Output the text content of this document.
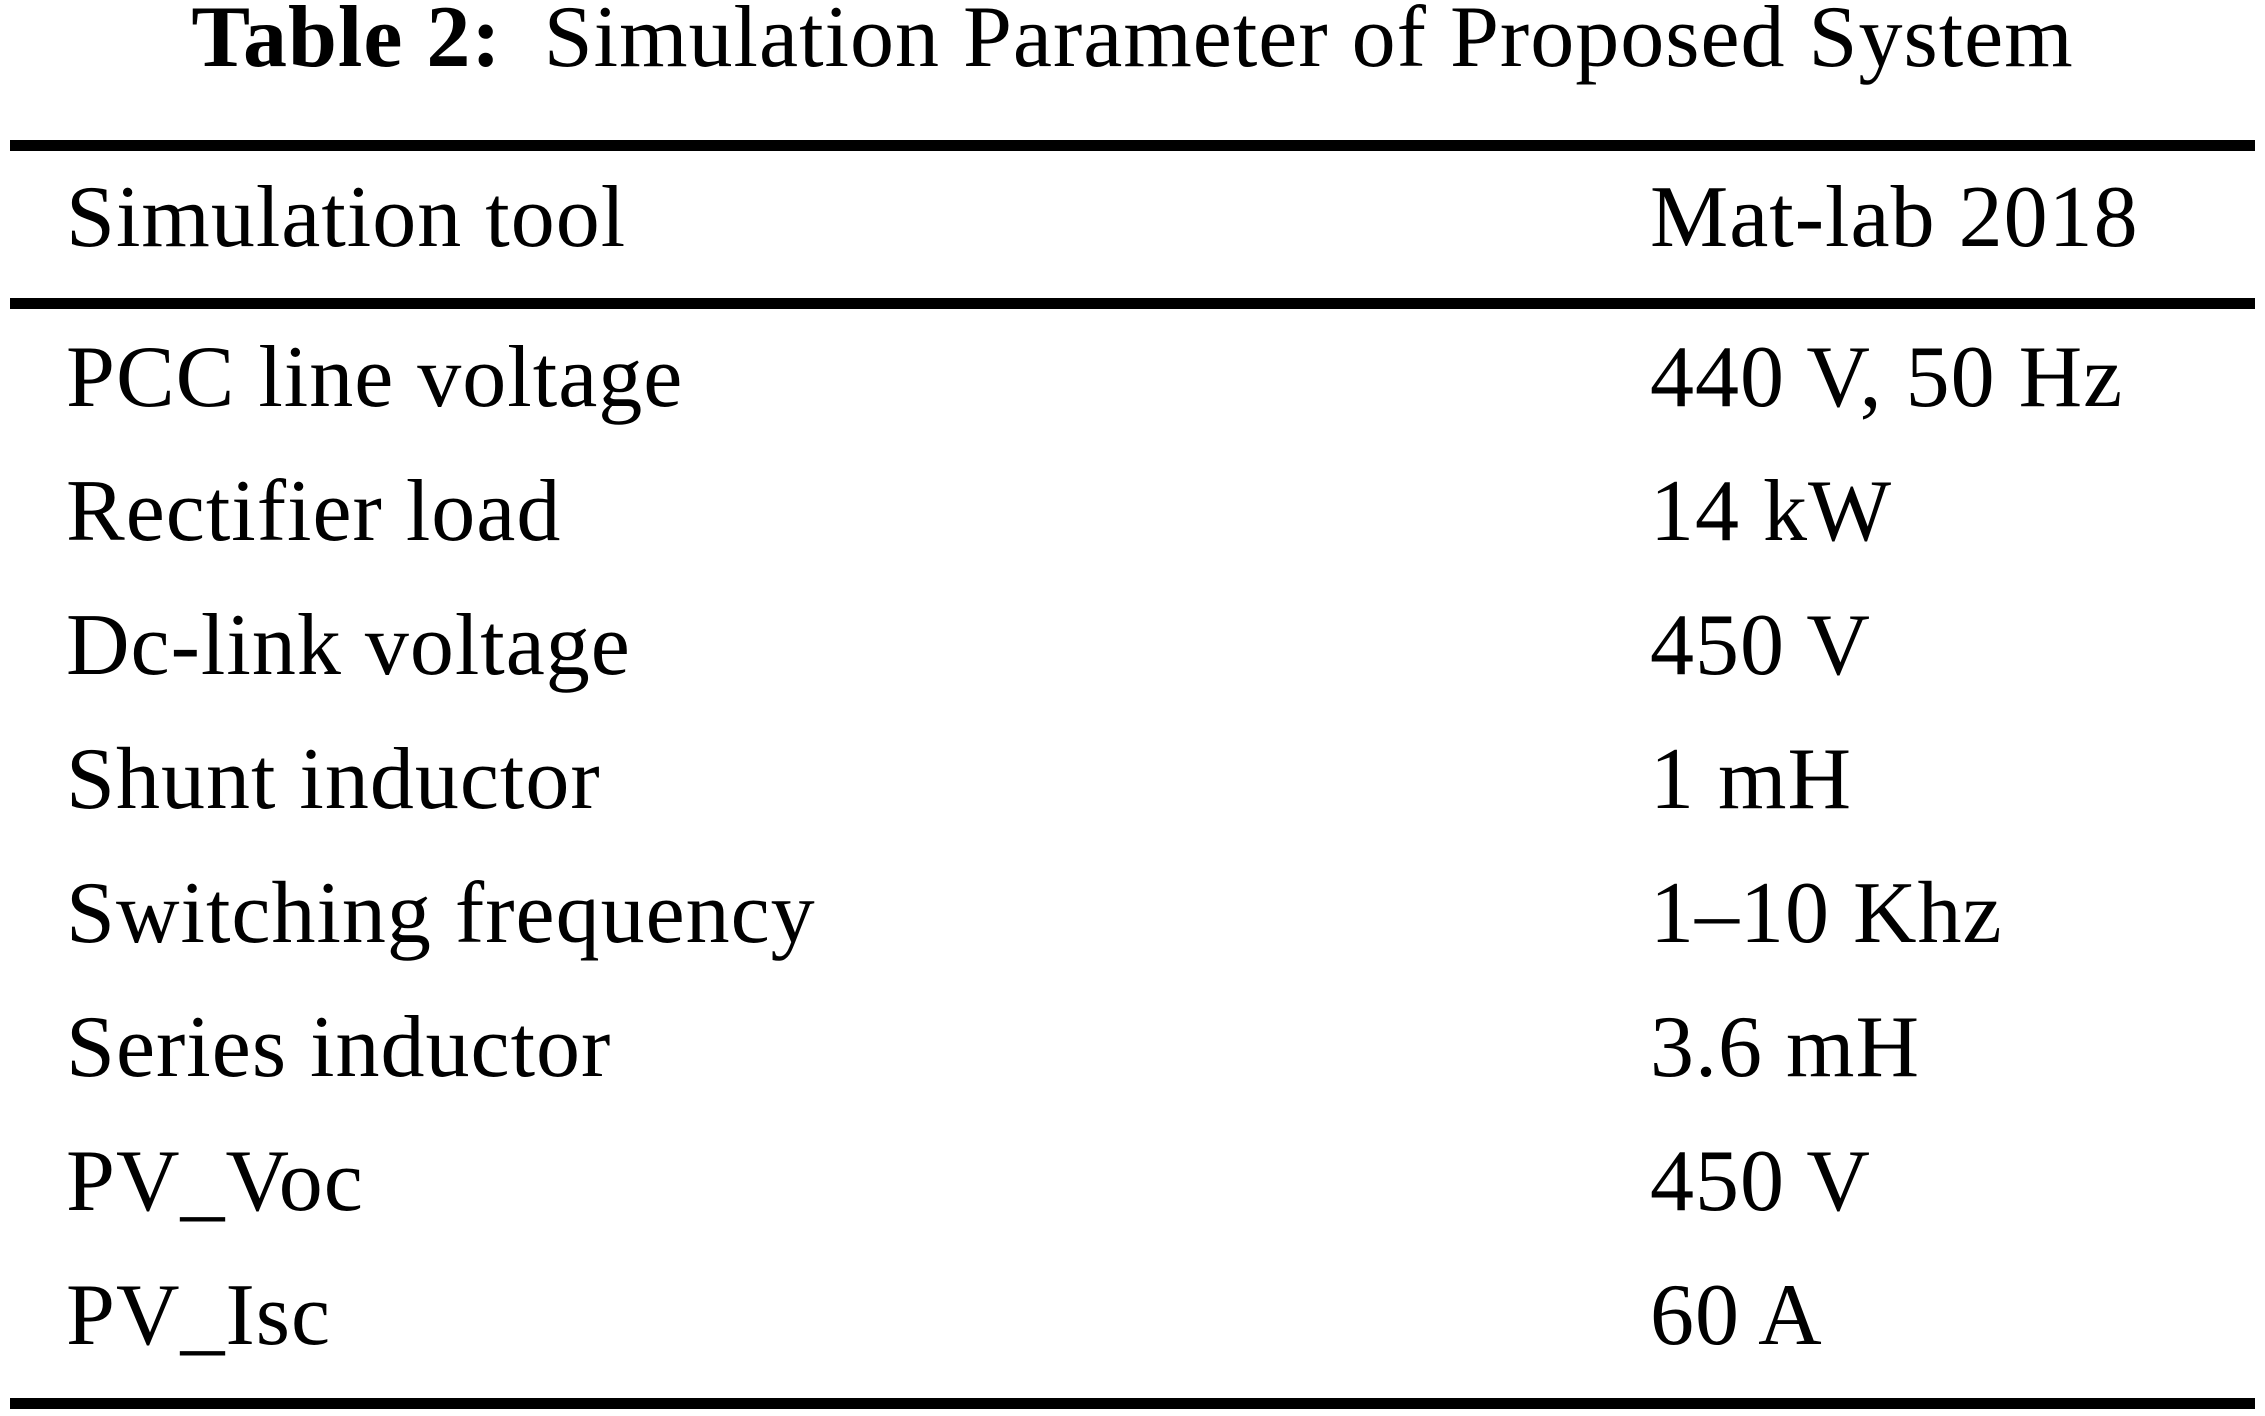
Table 2: Simulation Parameter of Proposed System
Simulation tool	Mat-lab 2018
PCC line voltage	440 V, 50 Hz
Rectifier load	14 kW
Dc-link voltage	450 V
Shunt inductor	1 mH
Switching frequency	1–10 Khz
Series inductor	3.6 mH
PV_Voc	450 V
PV_Isc	60 A
